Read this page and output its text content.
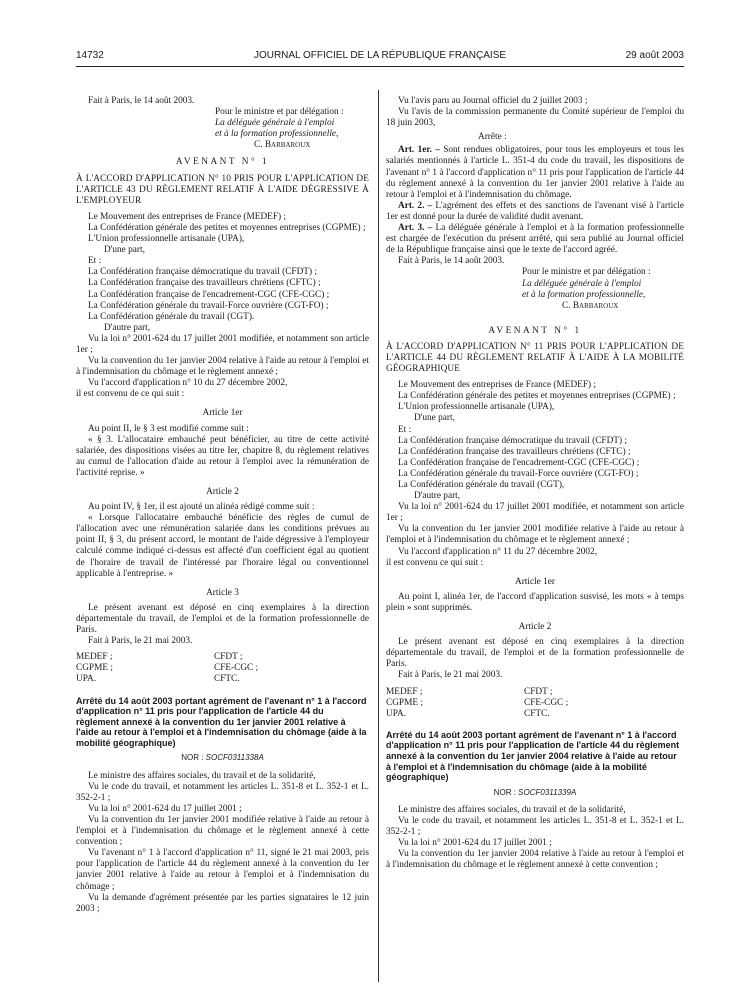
14732	JOURNAL OFFICIEL DE LA RÉPUBLIQUE FRANÇAISE	29 août 2003

Fait à Paris, le 14 août 2003.

Pour le ministre et par délégation :

La déléguée générale à l'emploi

et à la formation professionnelle,

C. Barbaroux

AVENANT N° 1

À L'ACCORD D'APPLICATION N° 10 PRIS POUR L'APPLICATION DE L'ARTICLE 43 DU RÈGLEMENT RELATIF À L'AIDE DÉGRESSIVE À L'EMPLOYEUR

Le Mouvement des entreprises de France (MEDEF) ;

La Confédération générale des petites et moyennes entreprises (CGPME) ;

L'Union professionnelle artisanale (UPA),

D'une part,

Et :

La Confédération française démocratique du travail (CFDT) ;

La Confédération française des travailleurs chrétiens (CFTC) ;

La Confédération française de l'encadrement-CGC (CFE-CGC) ;

La Confédération générale du travail-Force ouvrière (CGT-FO) ;

La Confédération générale du travail (CGT).

D'autre part,

Vu la loi n° 2001-624 du 17 juillet 2001 modifiée, et notamment son article 1er ;

Vu la convention du 1er janvier 2004 relative à l'aide au retour à l'emploi et à l'indemnisation du chômage et le règlement annexé ;

Vu l'accord d'application n° 10 du 27 décembre 2002,

il est convenu de ce qui suit :

Article 1er

Au point II, le § 3 est modifié comme suit :

« § 3. L'allocataire embauché peut bénéficier, au titre de cette activité salariée, des dispositions visées au titre Ier, chapitre 8, du règlement relatives au cumul de l'allocation d'aide au retour à l'emploi avec la rémunération de l'activité reprise. »

Article 2

Au point IV, § 1er, il est ajouté un alinéa rédigé comme suit :

« Lorsque l'allocataire embauché bénéficie des règles de cumul de l'allocation avec une rémunération salariée dans les conditions prévues au point II, § 3, du présent accord, le montant de l'aide dégressive à l'employeur calculé comme indiqué ci-dessus est affecté d'un coefficient égal au quotient de l'horaire de travail de l'intéressé par l'horaire légal ou conventionnel applicable à l'entreprise. »

Article 3

Le présent avenant est déposé en cinq exemplaires à la direction départementale du travail, de l'emploi et de la formation professionnelle de Paris.

Fait à Paris, le 21 mai 2003.

MEDEF ;	CFDT ;
CGPME ;	CFE-CGC ;
UPA.	CFTC.

Arrêté du 14 août 2003 portant agrément de l'avenant n° 1 à l'accord d'application n° 11 pris pour l'application de l'article 44 du règlement annexé à la convention du 1er janvier 2001 relative à l'aide au retour à l'emploi et à l'indemnisation du chômage (aide à la mobilité géographique)

NOR : SOCF0311338A

Le ministre des affaires sociales, du travail et de la solidarité,

Vu le code du travail, et notamment les articles L. 351-8 et L. 352-1 et L. 352-2-1 ;

Vu la loi n° 2001-624 du 17 juillet 2001 ;

Vu la convention du 1er janvier 2001 modifiée relative à l'aide au retour à l'emploi et à l'indemnisation du chômage et le règlement annexé à cette convention ;

Vu l'avenant n° 1 à l'accord d'application n° 11, signé le 21 mai 2003, pris pour l'application de l'article 44 du règlement annexé à la convention du 1er janvier 2001 relative à l'aide au retour à l'emploi et à l'indemnisation du chômage ;

Vu la demande d'agrément présentée par les parties signataires le 12 juin 2003 ;

Vu l'avis paru au Journal officiel du 2 juillet 2003 ;

Vu l'avis de la commission permanente du Comité supérieur de l'emploi du 18 juin 2003,

Arrête :

Art. 1er. – Sont rendues obligatoires, pour tous les employeurs et tous les salariés mentionnés à l'article L. 351-4 du code du travail, les dispositions de l'avenant n° 1 à l'accord d'application n° 11 pris pour l'application de l'article 44 du règlement annexé à la convention du 1er janvier 2001 relative à l'aide au retour à l'emploi et à l'indemnisation du chômage.

Art. 2. – L'agrément des effets et des sanctions de l'avenant visé à l'article 1er est donné pour la durée de validité dudit avenant.

Art. 3. – La déléguée générale à l'emploi et à la formation professionnelle est chargée de l'exécution du présent arrêté, qui sera publié au Journal officiel de la République française ainsi que le texte de l'accord agréé.

Fait à Paris, le 14 août 2003.

Pour le ministre et par délégation :

La déléguée générale à l'emploi

et à la formation professionnelle,

C. Barbaroux

AVENANT N° 1

À L'ACCORD D'APPLICATION N° 11 PRIS POUR L'APPLICATION DE L'ARTICLE 44 DU RÈGLEMENT RELATIF À L'AIDE À LA MOBILITÉ GÉOGRAPHIQUE

Le Mouvement des entreprises de France (MEDEF) ;

La Confédération générale des petites et moyennes entreprises (CGPME) ;

L'Union professionnelle artisanale (UPA),

D'une part,

Et :

La Confédération française démocratique du travail (CFDT) ;

La Confédération française des travailleurs chrétiens (CFTC) ;

La Confédération française de l'encadrement-CGC (CFE-CGC) ;

La Confédération générale du travail-Force ouvrière (CGT-FO) ;

La Confédération générale du travail (CGT),

D'autre part,

Vu la loi n° 2001-624 du 17 juillet 2001 modifiée, et notamment son article 1er ;

Vu la convention du 1er janvier 2001 modifiée relative à l'aide au retour à l'emploi et à l'indemnisation du chômage et le règlement annexé ;

Vu l'accord d'application n° 11 du 27 décembre 2002,

il est convenu ce qui suit :

Article 1er

Au point I, alinéa 1er, de l'accord d'application susvisé, les mots « à temps plein » sont supprimés.

Article 2

Le présent avenant est déposé en cinq exemplaires à la direction départementale du travail, de l'emploi et de la formation professionnelle de Paris.

Fait à Paris, le 21 mai 2003.

MEDEF ;	CFDT ;
CGPME ;	CFE-CGC ;
UPA.	CFTC.

Arrêté du 14 août 2003 portant agrément de l'avenant n° 1 à l'accord d'application n° 11 pris pour l'application de l'article 44 du règlement annexé à la convention du 1er janvier 2004 relative à l'aide au retour à l'emploi et à l'indemnisation du chômage (aide à la mobilité géographique)

NOR : SOCF0311339A

Le ministre des affaires sociales, du travail et de la solidarité,

Vu le code du travail, et notamment les articles L. 351-8 et L. 352-1 et L. 352-2-1 ;

Vu la loi n° 2001-624 du 17 juillet 2001 ;

Vu la convention du 1er janvier 2004 relative à l'aide au retour à l'emploi et à l'indemnisation du chômage et le règlement annexé à cette convention ;
